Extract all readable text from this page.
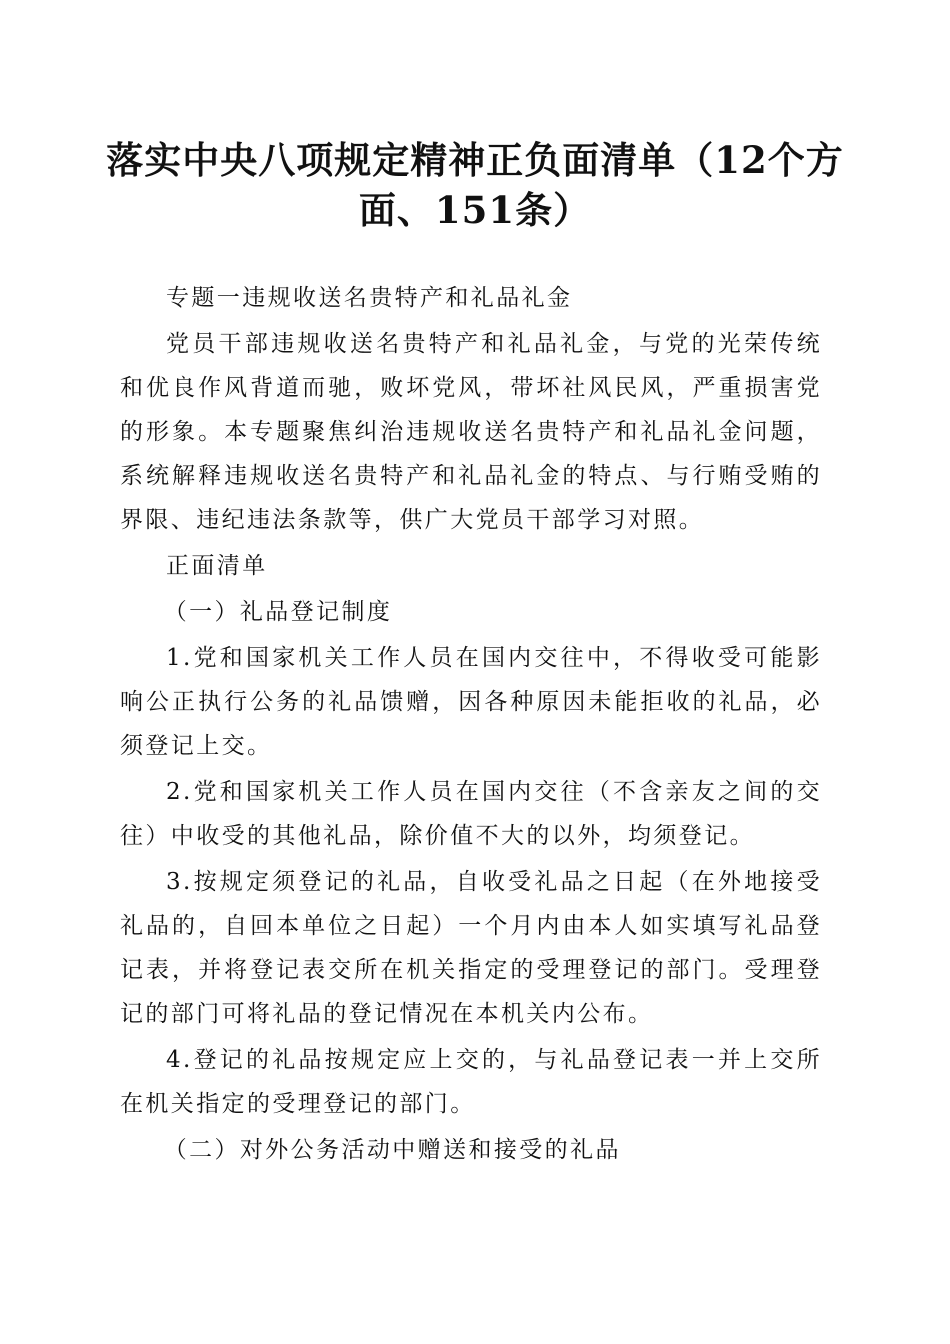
落实中央八项规定精神正负面清单（12个方面、151条）

专题一违规收送名贵特产和礼品礼金

党员干部违规收送名贵特产和礼品礼金，与党的光荣传统和优良作风背道而驰，败坏党风，带坏社风民风，严重损害党的形象。本专题聚焦纠治违规收送名贵特产和礼品礼金问题，系统解释违规收送名贵特产和礼品礼金的特点、与行贿受贿的界限、违纪违法条款等，供广大党员干部学习对照。

正面清单

（一）礼品登记制度

1.党和国家机关工作人员在国内交往中，不得收受可能影响公正执行公务的礼品馈赠，因各种原因未能拒收的礼品，必须登记上交。

2.党和国家机关工作人员在国内交往（不含亲友之间的交往）中收受的其他礼品，除价值不大的以外，均须登记。

3.按规定须登记的礼品，自收受礼品之日起（在外地接受礼品的，自回本单位之日起）一个月内由本人如实填写礼品登记表，并将登记表交所在机关指定的受理登记的部门。受理登记的部门可将礼品的登记情况在本机关内公布。

4.登记的礼品按规定应上交的，与礼品登记表一并上交所在机关指定的受理登记的部门。

（二）对外公务活动中赠送和接受的礼品
